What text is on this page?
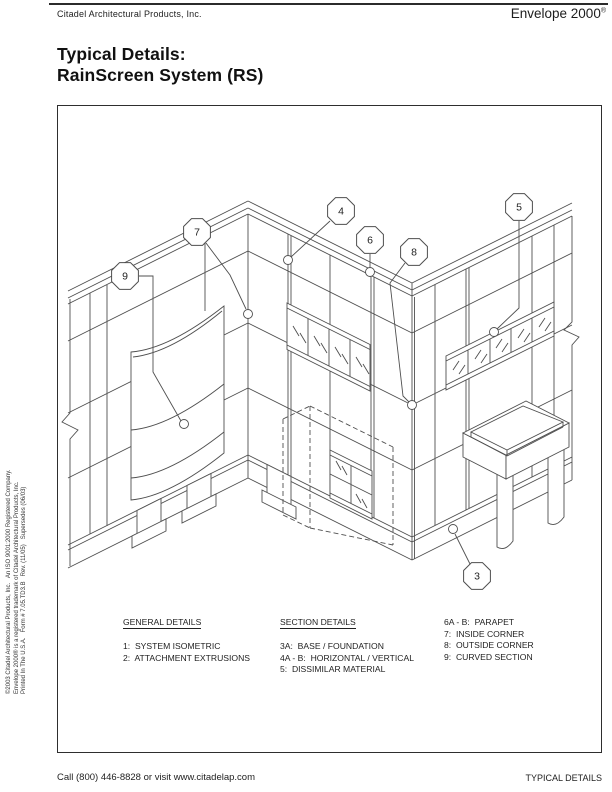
Citadel Architectural Products, Inc.	Envelope 2000®
Typical Details:
RainScreen System (RS)
3
4	5
6
7
8
9
GENERAL DETAILS
1:  SYSTEM ISOMETRIC
2:  ATTACHMENT EXTRUSIONS
SECTION DETAILS
3A:  BASE / FOUNDATION
4A - B:  HORIZONTAL / VERTICAL
5:  DISSIMILAR MATERIAL
6A - B:  PARAPET
7:  INSIDE CORNER
8:  OUTSIDE CORNER
9:  CURVED SECTION
©2003 Citadel Architectural Products, Inc.   An ISO 9001:2000 Registered Company. Envelope 2000® is a registered trademark of Citadel Architectural Products, Inc. Printed In The U.S.A.   Form # 7.05.TD3.B   Rev. (11/05)   Supersedes (06/03)
Call (800) 446-8828 or visit www.citadelap.com	TYPICAL DETAILS
